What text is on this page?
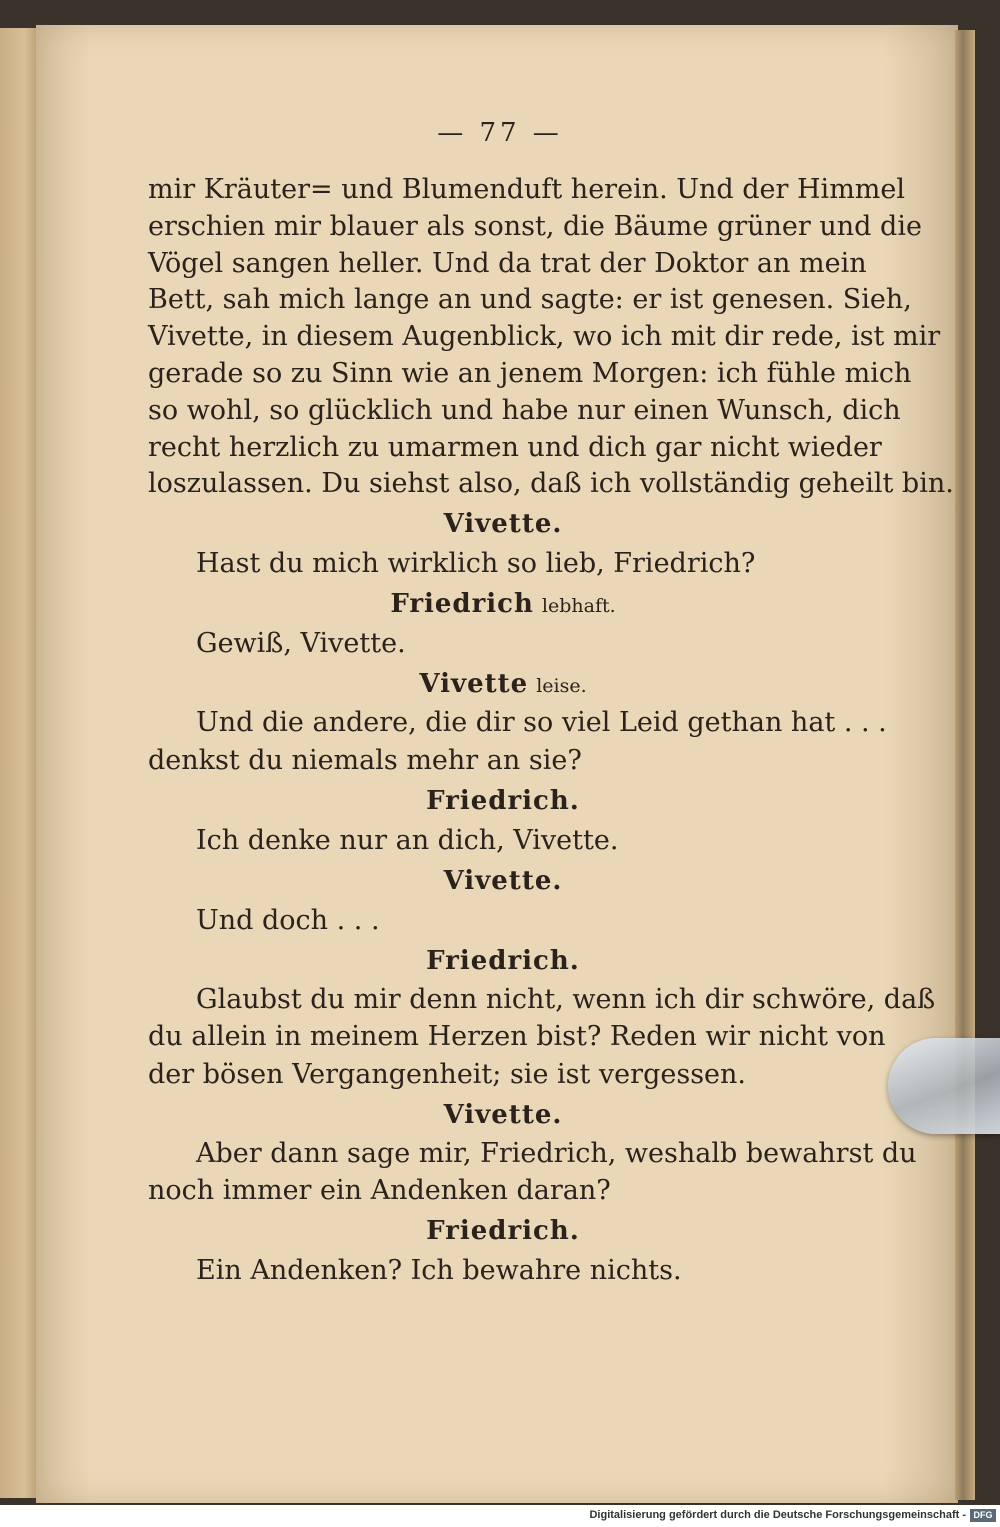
— 77 —
mir Kräuter= und Blumenduft herein. Und der Himmel
erschien mir blauer als sonst, die Bäume grüner und die
Vögel sangen heller. Und da trat der Doktor an mein
Bett, sah mich lange an und sagte: er ist genesen. Sieh,
Vivette, in diesem Augenblick, wo ich mit dir rede, ist mir
gerade so zu Sinn wie an jenem Morgen: ich fühle mich
so wohl, so glücklich und habe nur einen Wunsch, dich
recht herzlich zu umarmen und dich gar nicht wieder
loszulassen. Du siehst also, daß ich vollständig geheilt bin.
Vivette.
Hast du mich wirklich so lieb, Friedrich?
Friedrich lebhaft.
Gewiß, Vivette.
Vivette leise.
Und die andere, die dir so viel Leid gethan hat . . .
denkst du niemals mehr an sie?
Friedrich.
Ich denke nur an dich, Vivette.
Vivette.
Und doch . . .
Friedrich.
Glaubst du mir denn nicht, wenn ich dir schwöre, daß
du allein in meinem Herzen bist? Reden wir nicht von
der bösen Vergangenheit; sie ist vergessen.
Vivette.
Aber dann sage mir, Friedrich, weshalb bewahrst du
noch immer ein Andenken daran?
Friedrich.
Ein Andenken? Ich bewahre nichts.
Digitalisierung gefördert durch die Deutsche Forschungsgemeinschaft - DFG
